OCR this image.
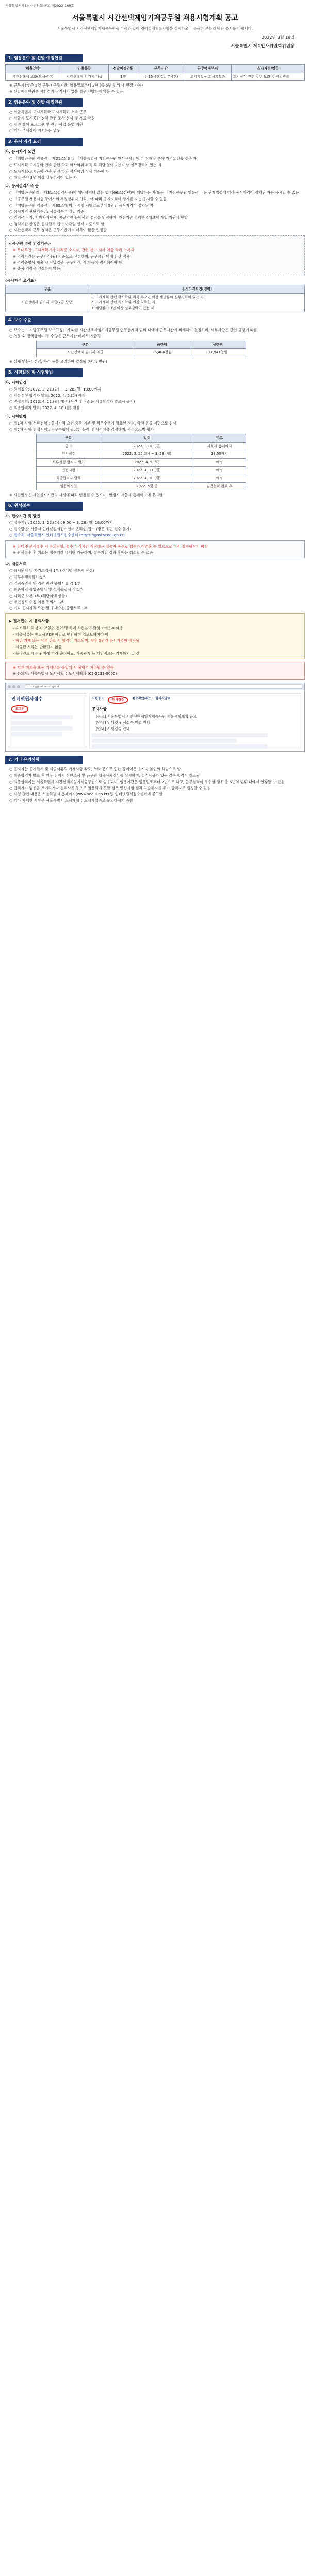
서울특별시제1인사위원회 공고 제2022-160호
서울특별시 시간선택제임기제공무원 채용시험계획 공고
서울특별시 시간선택제임기제공무원을 다음과 같이 경력경쟁채용시험을 실시하오니 유능한 분들의 많은 응시를 바랍니다.
2022년 3월 18일
서울특별시 제1인사위원회위원장
1. 임용분야 및 선발 예정인원
임용분야	임용등급	선발예정인원	근무시간	근무예정부서	응시자격/업무
시간선택제 보좌(도시공간)	시간선택제 임기제 마급	1명	주 35시간(1일 7시간)	도시계획국 도시계획과	도시공간 관련 업무 보좌 및 사업관리
※ 근무시간: 주 5일 근무 / 근무기간: 임용일로부터 2년 (총 5년 범위 내 연장 가능)
※ 선발예정인원은 시험결과 적격자가 없을 경우 선발하지 않을 수 있음
2. 임용분야 및 선발 예정인원
○ 서울특별시 도시계획국 도시계획과 소속 근무
○ 서울시 도시공간 정책 관련 조사·분석 및 자료 작성
○ 시민 참여 프로그램 및 관련 사업 운영 지원
○ 기타 부서장이 지시하는 업무
3. 응시 자격 요건
가. 응시자격 요건
○ 「지방공무원 임용령」 제21조의3 및 「서울특별시 지방공무원 인사규칙」에 따른 해당 분야 자격요건을 갖춘 자
○ 도시계획·도시공학·건축 관련 학과 학사학위 취득 후 해당 분야 2년 이상 실무경력이 있는 자
○ 도시계획·도시공학·건축 관련 학과 석사학위 이상 취득한 자
○ 해당 분야 3년 이상 실무경력이 있는 자
나. 응시결격사유 등
○ 「지방공무원법」 제31조(결격사유)에 해당하거나 같은 법 제66조(정년)에 해당하는 자 또는 「지방공무원 임용령」 등 관계법령에 따라 응시자격이 정지된 자는 응시할 수 없음
○ 「공무원 채용시험 등에서의 부정행위자 처리」에 따라 응시자격이 정지된 자는 응시할 수 없음
○ 「지방공무원 임용령」 제65조에 따라 시험 시행일로부터 5년간 응시자격이 정지된 자
○ 응시자격 판단기준일: 서류접수 마감일 기준
○ 경력은 국가, 지방자치단체, 공공기관 등에서의 경력을 인정하며, 민간기관 경력은 4대보험 가입 기관에 한함
○ 경력기간 산정은 응시원서 접수 마감일 현재 기준으로 함
○ 시간선택제 근무 경력은 근무시간에 비례하여 환산 인정함
<공무원 경력 인정기준>
※ 우대요건: 도시계획기사 자격증 소지자, 관련 분야 석사 이상 학위 소지자
※ 경력기간은 근무기간(월) 기준으로 산정하며, 근무시간 비례 환산 적용
※ 경력증명서 제출 시 담당업무, 근무기간, 직위 등이 명시되어야 함
※ 중복 경력은 인정하지 않음
(응시자격 요건표)
구분	응시자격요건(경력)
시간선택제 임기제 마급(7급 상당)	1. 도시계획 관련 학사학위 취득 후 2년 이상 해당분야 실무경력이 있는 자
2. 도시계획 관련 석사학위 이상 취득한 자
3. 해당분야 3년 이상 실무경력이 있는 자
4. 보수 수준
○ 보수는 「지방공무원 보수규정」에 따른 시간선택제임기제공무원 연봉한계액 범위 내에서 근무시간에 비례하여 결정하며, 세부사항은 관련 규정에 따름
○ 연봉 외 정액급식비 등 수당은 근무시간 비례로 지급됨
구분	하한액	상한액
시간선택제 임기제 마급	25,404천원	37,941천원
※ 실제 연봉은 경력, 자격 등을 고려하여 결정됨 (단위: 천원)
5. 시험일정 및 시험방법
가. 시험일정
○ 원서접수: 2022. 3. 22.(화) ~ 3. 28.(월) 18:00까지
○ 서류전형 합격자 발표: 2022. 4. 5.(화) 예정
○ 면접시험: 2022. 4. 11.(월) 예정 (시간 및 장소는 서류합격자 발표시 공지)
○ 최종합격자 발표: 2022. 4. 18.(월) 예정
나. 시험방법
○ 제1차 시험(서류전형): 응시자격 요건 충족 여부 및 직무수행에 필요한 경력, 학력 등을 서면으로 심사
○ 제2차 시험(면접시험): 직무수행에 필요한 능력 및 적격성을 검정하며, 평정요소별 평가
구분	일정	비고
공고	2022. 3. 18.(금)	서울시 홈페이지
원서접수	2022. 3. 22.(화) ~ 3. 28.(월)	18:00까지
서류전형 합격자 발표	2022. 4. 5.(화)	예정
면접시험	2022. 4. 11.(월)	예정
최종합격자 발표	2022. 4. 18.(월)	예정
임용예정일	2022. 5월 중	임용절차 완료 후
※ 시험일정은 시험실시기관의 사정에 따라 변경될 수 있으며, 변경시 서울시 홈페이지에 공지함
6. 원서접수
가. 접수기간 및 방법
○ 접수기간: 2022. 3. 22.(화) 09:00 ~ 3. 28.(월) 18:00까지
○ 접수방법: 서울시 인터넷원서접수센터 온라인 접수 (방문·우편 접수 불가)
○ 접수처: 서울특별시 인터넷원서접수센터 (https://gosi.seoul.go.kr)
※ 인터넷 원서접수 시 유의사항: 접수 마감시간 직전에는 접속자 폭주로 접수가 어려울 수 있으므로 미리 접수하시기 바람
※ 원서접수 후 취소는 접수기간 내에만 가능하며, 접수기간 경과 후에는 취소할 수 없음
나. 제출서류
○ 응시원서 및 자기소개서 1부 (인터넷 접수시 작성)
○ 직무수행계획서 1부
○ 경력증명서 및 경력 관련 증빙서류 각 1부
○ 최종학력 졸업증명서 및 성적증명서 각 1부
○ 자격증 사본 1부 (해당자에 한함)
○ 개인정보 수집 이용 동의서 1부
○ 기타 응시자격 요건 및 우대요건 증빙서류 1부
▶ 원서접수 시 유의사항
- 응시원서 작성 시 본인의 경력 및 학력 사항을 정확히 기재하여야 함
- 제출서류는 반드시 PDF 파일로 변환하여 업로드하여야 함
- 허위 기재 또는 서류 위조 시 합격이 취소되며, 향후 5년간 응시자격이 정지됨
- 제출된 서류는 반환하지 않음
- 블라인드 채용 원칙에 따라 출신학교, 가족관계 등 개인정보는 기재하지 말 것
※ 서류 미제출 또는 기재내용 불일치 시 불합격 처리될 수 있음
※ 문의처: 서울특별시 도시계획국 도시계획과 (02-2133-0000)
https://gosi.seoul.go.kr
인터넷원서접수
로그인
시험공고	원서접수	접수확인/취소 합격자발표
공지사항
[공고] 서울특별시 시간선택제임기제공무원 채용시험계획 공고
[안내] 인터넷 원서접수 방법 안내
[안내] 시험일정 안내
7. 기타 유의사항
○ 응시자는 응시원서 및 제출서류의 기재사항 착오, 누락 등으로 인한 불이익은 응시자 본인의 책임으로 함
○ 최종합격자 발표 후 임용 전까지 신원조사 및 공무원 채용신체검사를 실시하며, 결격사유가 있는 경우 합격이 취소됨
○ 최종합격자는 서울특별시 시간선택제임기제공무원으로 임용되며, 임용기간은 임용일로부터 2년으로 하고, 근무실적이 우수한 경우 총 5년의 범위 내에서 연장할 수 있음
○ 합격자가 임용을 포기하거나 결격사유 등으로 임용되지 못할 경우 면접시험 결과 차순위자를 추가 합격자로 결정할 수 있음
○ 시험 관련 내용은 서울특별시 홈페이지(www.seoul.go.kr) 및 인터넷원서접수센터에 공고함
○ 기타 자세한 사항은 서울특별시 도시계획국 도시계획과로 문의하시기 바람
